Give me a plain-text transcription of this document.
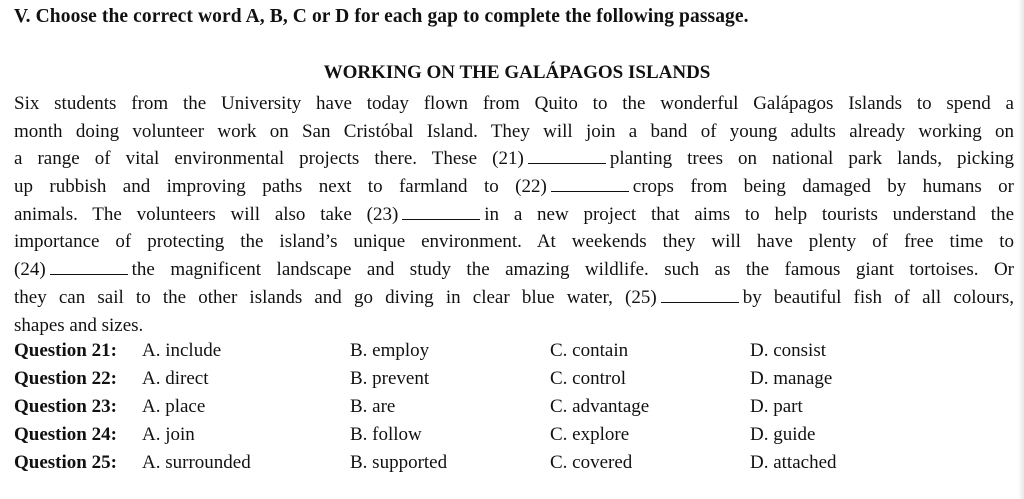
V. Choose the correct word A, B, C or D for each gap to complete the following passage.
WORKING ON THE GALÁPAGOS ISLANDS
Six students from the University have today flown from Quito to the wonderful Galápagos Islands to spend a
month doing volunteer work on San Cristóbal Island. They will join a band of young adults already working on
a range of vital environmental projects there. These (21)	planting trees on national park lands, picking
up rubbish and improving paths next to farmland to (22)	crops from being damaged by humans or
animals. The volunteers will also take (23)	in a new project that aims to help tourists understand the
importance of protecting the island’s unique environment. At weekends they will have plenty of free time to
(24)	the magnificent landscape and study the amazing wildlife. such as the famous giant tortoises. Or
they can sail to the other islands and go diving in clear blue water, (25)	by beautiful fish of all colours,
shapes and sizes.
Question 21: A. include	B. employ	C. contain	D. consist
Question 22: A. direct	B. prevent	C. control	D. manage
Question 23: A. place	B. are	C. advantage	D. part
Question 24: A. join	B. follow	C. explore	D. guide
Question 25: A. surrounded	B. supported	C. covered	D. attached
